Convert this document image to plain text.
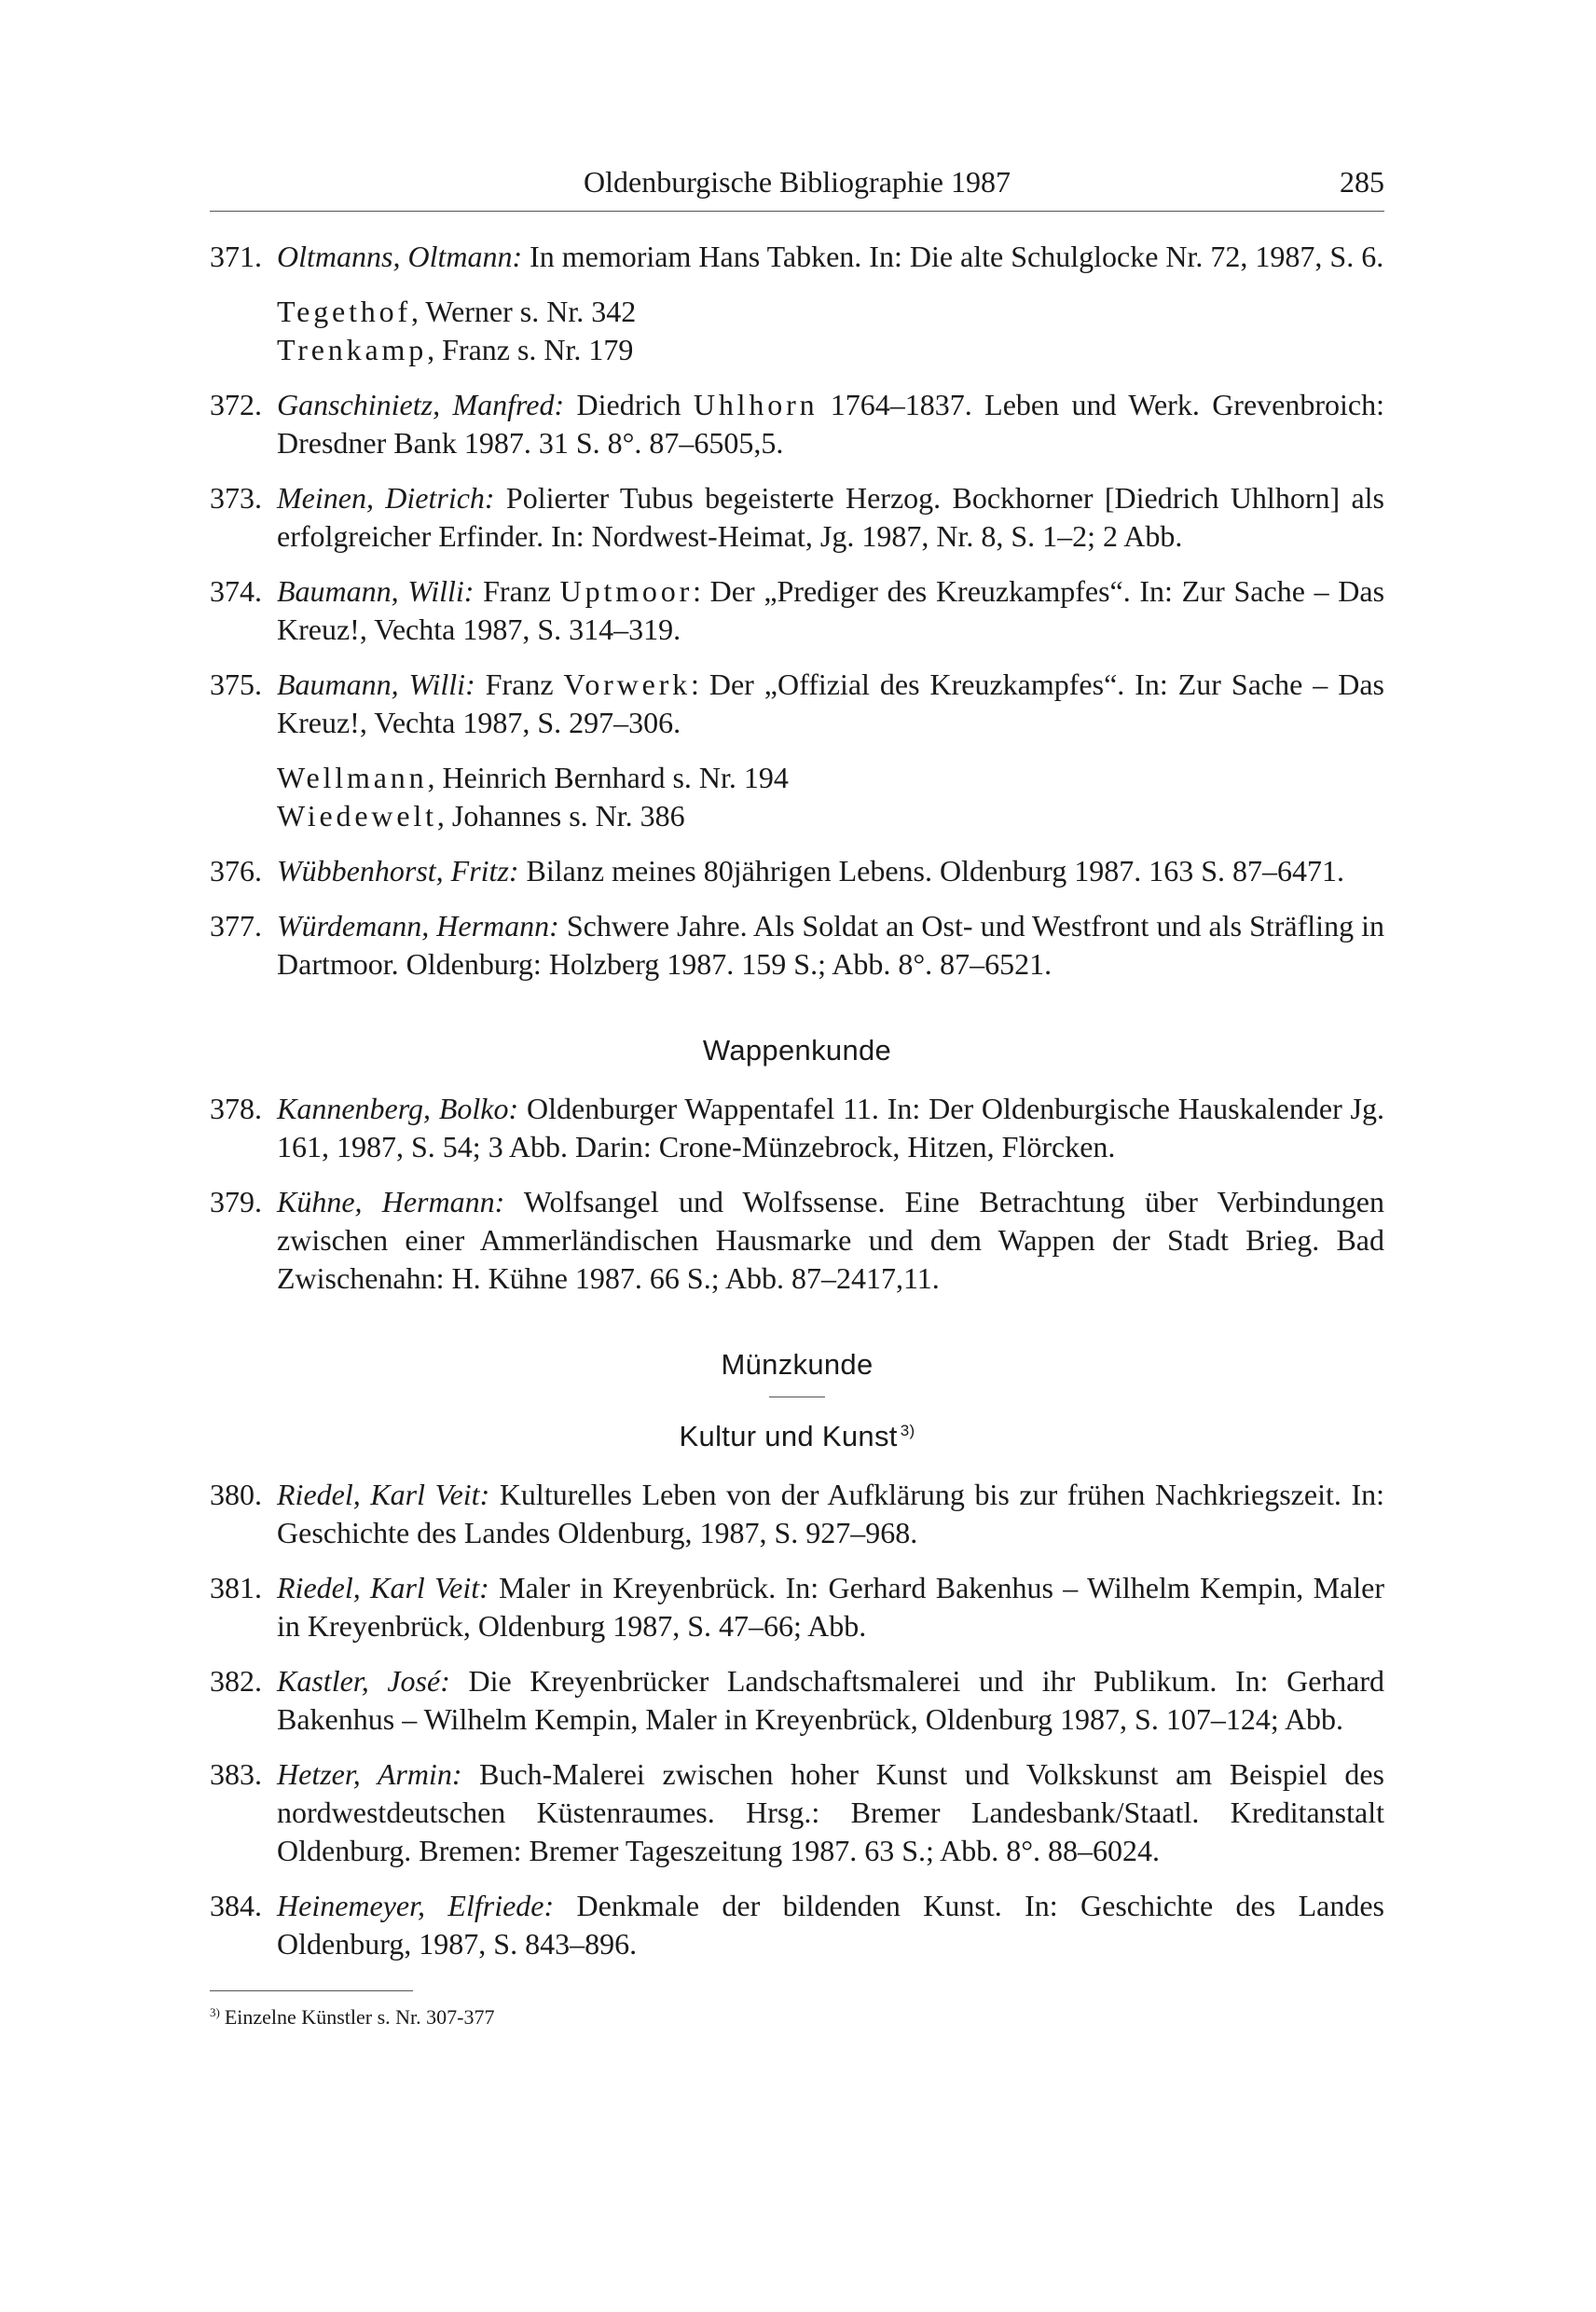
Oldenburgische Bibliographie 1987	285
371. Oltmanns, Oltmann: In memoriam Hans Tabken. In: Die alte Schulglocke Nr. 72, 1987, S. 6.
Tegethof, Werner s. Nr. 342
Trenkamp, Franz s. Nr. 179
372. Ganschinietz, Manfred: Diedrich Uhlhorn 1764–1837. Leben und Werk. Grevenbroich: Dresdner Bank 1987. 31 S. 8°. 87–6505,5.
373. Meinen, Dietrich: Polierter Tubus begeisterte Herzog. Bockhorner [Diedrich Uhlhorn] als erfolgreicher Erfinder. In: Nordwest-Heimat, Jg. 1987, Nr. 8, S. 1–2; 2 Abb.
374. Baumann, Willi: Franz Uptmoor: Der „Prediger des Kreuzkampfes“. In: Zur Sache – Das Kreuz!, Vechta 1987, S. 314–319.
375. Baumann, Willi: Franz Vorwerk: Der „Offizial des Kreuzkampfes“. In: Zur Sache – Das Kreuz!, Vechta 1987, S. 297–306.
Wellmann, Heinrich Bernhard s. Nr. 194
Wiedewelt, Johannes s. Nr. 386
376. Wübbenhorst, Fritz: Bilanz meines 80jährigen Lebens. Oldenburg 1987. 163 S. 87–6471.
377. Würdemann, Hermann: Schwere Jahre. Als Soldat an Ost- und Westfront und als Sträfling in Dartmoor. Oldenburg: Holzberg 1987. 159 S.; Abb. 8°. 87–6521.
Wappenkunde
378. Kannenberg, Bolko: Oldenburger Wappentafel 11. In: Der Oldenburgische Hauskalender Jg. 161, 1987, S. 54; 3 Abb. Darin: Crone-Münzebrock, Hitzen, Flörcken.
379. Kühne, Hermann: Wolfsangel und Wolfssense. Eine Betrachtung über Verbindungen zwischen einer Ammerländischen Hausmarke und dem Wappen der Stadt Brieg. Bad Zwischenahn: H. Kühne 1987. 66 S.; Abb. 87–2417,11.
Münzkunde
Kultur und Kunst $^{3)}$
380. Riedel, Karl Veit: Kulturelles Leben von der Aufklärung bis zur frühen Nachkriegszeit. In: Geschichte des Landes Oldenburg, 1987, S. 927–968.
381. Riedel, Karl Veit: Maler in Kreyenbrück. In: Gerhard Bakenhus – Wilhelm Kempin, Maler in Kreyenbrück, Oldenburg 1987, S. 47–66; Abb.
382. Kastler, José: Die Kreyenbrücker Landschaftsmalerei und ihr Publikum. In: Gerhard Bakenhus – Wilhelm Kempin, Maler in Kreyenbrück, Oldenburg 1987, S. 107–124; Abb.
383. Hetzer, Armin: Buch-Malerei zwischen hoher Kunst und Volkskunst am Beispiel des nordwestdeutschen Küstenraumes. Hrsg.: Bremer Landesbank/Staatl. Kreditanstalt Oldenburg. Bremen: Bremer Tageszeitung 1987. 63 S.; Abb. 8°. 88–6024.
384. Heinemeyer, Elfriede: Denkmale der bildenden Kunst. In: Geschichte des Landes Oldenburg, 1987, S. 843–896.
$^{3)}$ Einzelne Künstler s. Nr. 307-377
